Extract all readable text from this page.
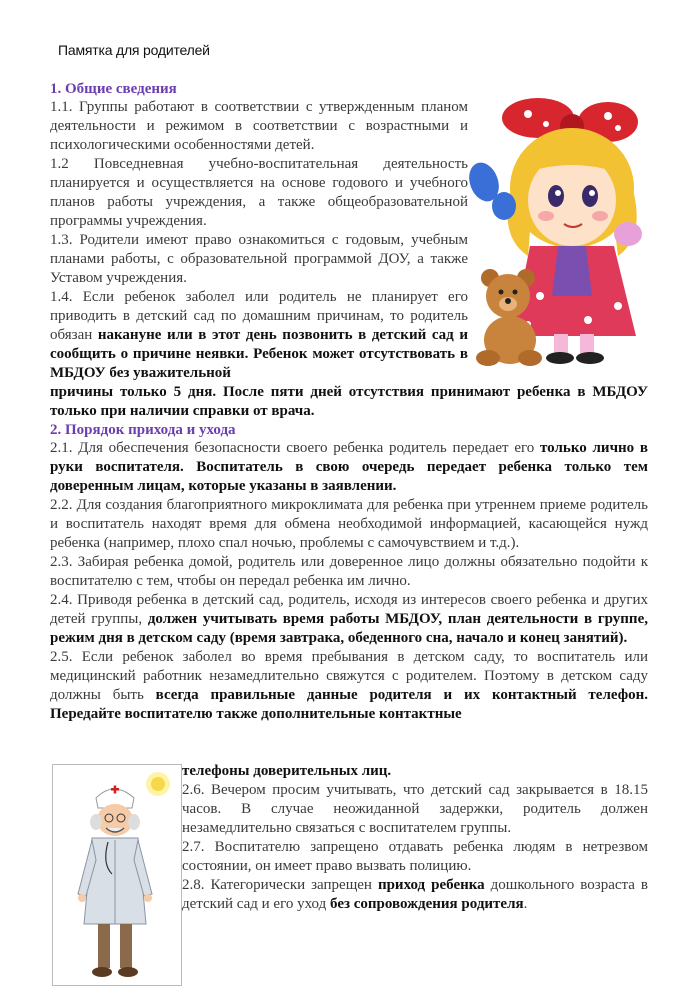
Памятка для родителей

1. Общие сведения

1.1. Группы работают в соответствии с утвержденным планом деятельности и режимом в соответствии с возрастными и психологическими особенностями детей.

1.2 Повседневная учебно-воспитательная деятельность планируется и осуществляется на основе годового и учебного планов работы учреждения, а также общеобразовательной программы учреждения.

1.3. Родители имеют право ознакомиться с годовым, учебным планами работы, с образовательной программой ДОУ, а также Уставом учреждения.

1.4. Если ребенок заболел или родитель не планирует его приводить в детский сад по домашним причинам, то родитель обязан накануне или в этот день позвонить в детский сад и сообщить о причине неявки. Ребенок может отсутствовать в МБДОУ без уважительной

причины только 5 дня. После пяти дней отсутствия принимают ребенка в МБДОУ только при наличии справки от врача.

2. Порядок прихода и ухода

2.1. Для обеспечения безопасности своего ребенка родитель передает его только лично в руки воспитателя. Воспитатель в свою очередь передает ребенка только тем доверенным лицам, которые указаны в заявлении.

2.2. Для создания благоприятного микроклимата для ребенка при утреннем приеме родитель и воспитатель находят время для обмена необходимой информацией, касающейся нужд ребенка (например, плохо спал ночью, проблемы с самочувствием и т.д.).

2.3. Забирая ребенка домой, родитель или доверенное лицо должны обязательно подойти к воспитателю с тем, чтобы он передал ребенка им лично.

2.4. Приводя ребенка в детский сад, родитель, исходя из интересов своего ребенка и других детей группы, должен учитывать время работы МБДОУ, план деятельности в группе, режим дня в детском саду (время завтрака, обеденного сна, начало и конец занятий).

2.5. Если ребенок заболел во время пребывания в детском саду, то воспитатель или медицинский работник незамедлительно свяжутся с родителем. Поэтому в детском саду должны быть всегда правильные данные родителя и их контактный телефон. Передайте воспитателю также дополнительные контактные

телефоны доверительных лиц.

2.6. Вечером просим учитывать, что детский сад закрывается в 18.15 часов. В случае неожиданной задержки, родитель должен незамедлительно связаться с воспитателем группы.

2.7. Воспитателю запрещено отдавать ребенка людям в нетрезвом состоянии, он имеет право вызвать полицию.

2.8. Категорически запрещен приход ребенка дошкольного возраста в детский сад и его уход без сопровождения родителя.
